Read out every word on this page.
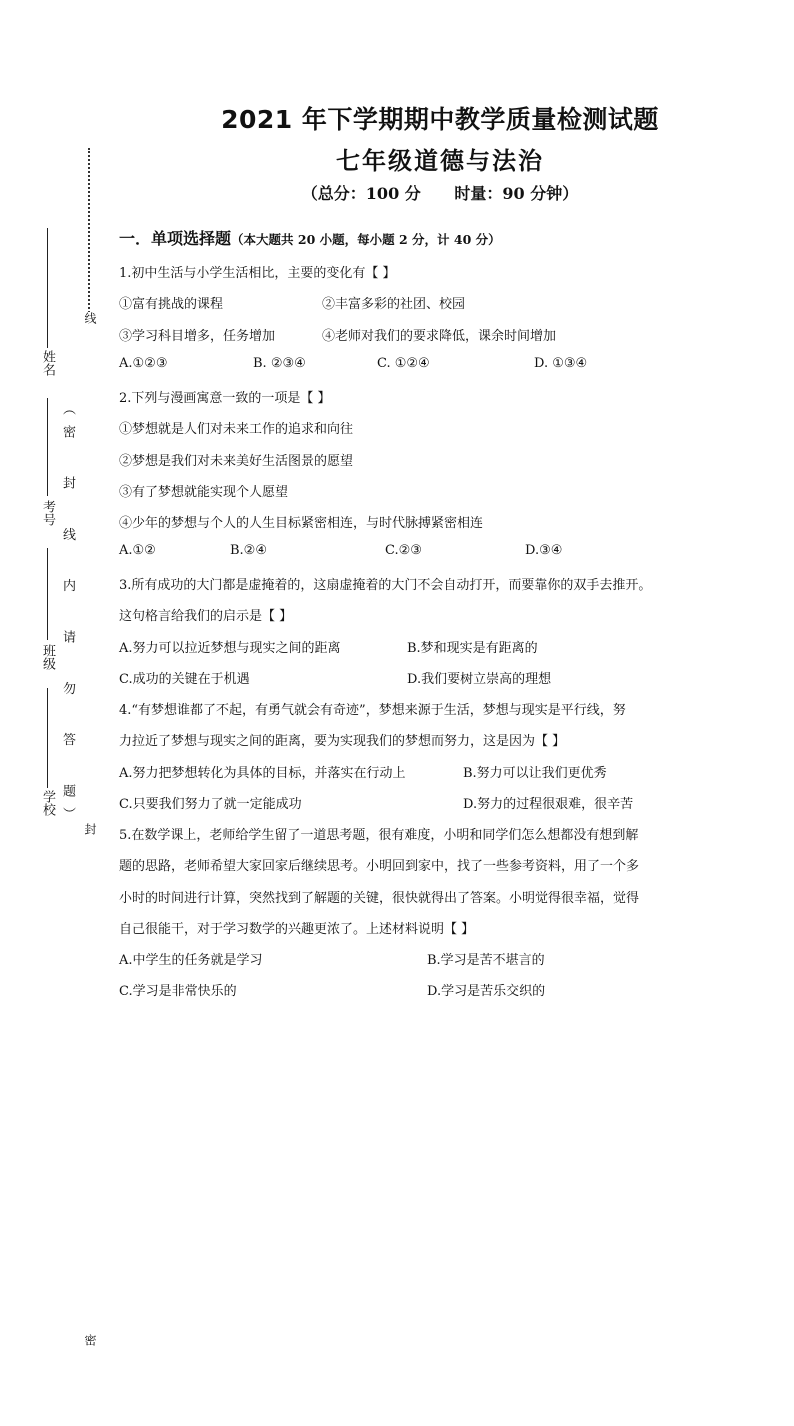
姓名
考号
班级
学校 （密  封  线  内  请  勿  答  题） 线     封     密
2021 年下学期期中教学质量检测试题
七年级道德与法治
（总分：100 分 时量：90 分钟）
一．单项选择题（本大题共 20 小题，每小题 2 分，计 40 分）
1.初中生活与小学生活相比，主要的变化有【 】
①富有挑战的课程	②丰富多彩的社团、校园
③学习科目增多，任务增加	④老师对我们的要求降低，课余时间增加
A.①②③	B. ②③④	C. ①②④	D. ①③④
2.下列与漫画寓意一致的一项是【 】
①梦想就是人们对未来工作的追求和向往
②梦想是我们对未来美好生活图景的愿望
③有了梦想就能实现个人愿望
④少年的梦想与个人的人生目标紧密相连，与时代脉搏紧密相连
A.①②	B.②④	C.②③	D.③④
3.所有成功的大门都是虚掩着的，这扇虚掩着的大门不会自动打开，而要靠你的双手去推开。
这句格言给我们的启示是【 】
A.努力可以拉近梦想与现实之间的距离	B.梦和现实是有距离的
C.成功的关键在于机遇	D.我们要树立崇高的理想
4.“有梦想谁都了不起，有勇气就会有奇迹”，梦想来源于生活，梦想与现实是平行线，努
力拉近了梦想与现实之间的距离，要为实现我们的梦想而努力，这是因为【 】
A.努力把梦想转化为具体的目标，并落实在行动上	B.努力可以让我们更优秀
C.只要我们努力了就一定能成功	D.努力的过程很艰难，很辛苦
5.在数学课上，老师给学生留了一道思考题，很有难度，小明和同学们怎么想都没有想到解
题的思路，老师希望大家回家后继续思考。小明回到家中，找了一些参考资料，用了一个多
小时的时间进行计算，突然找到了解题的关键，很快就得出了答案。小明觉得很幸福，觉得
自己很能干，对于学习数学的兴趣更浓了。上述材料说明【 】
A.中学生的任务就是学习	B.学习是苦不堪言的
C.学习是非常快乐的	D.学习是苦乐交织的
